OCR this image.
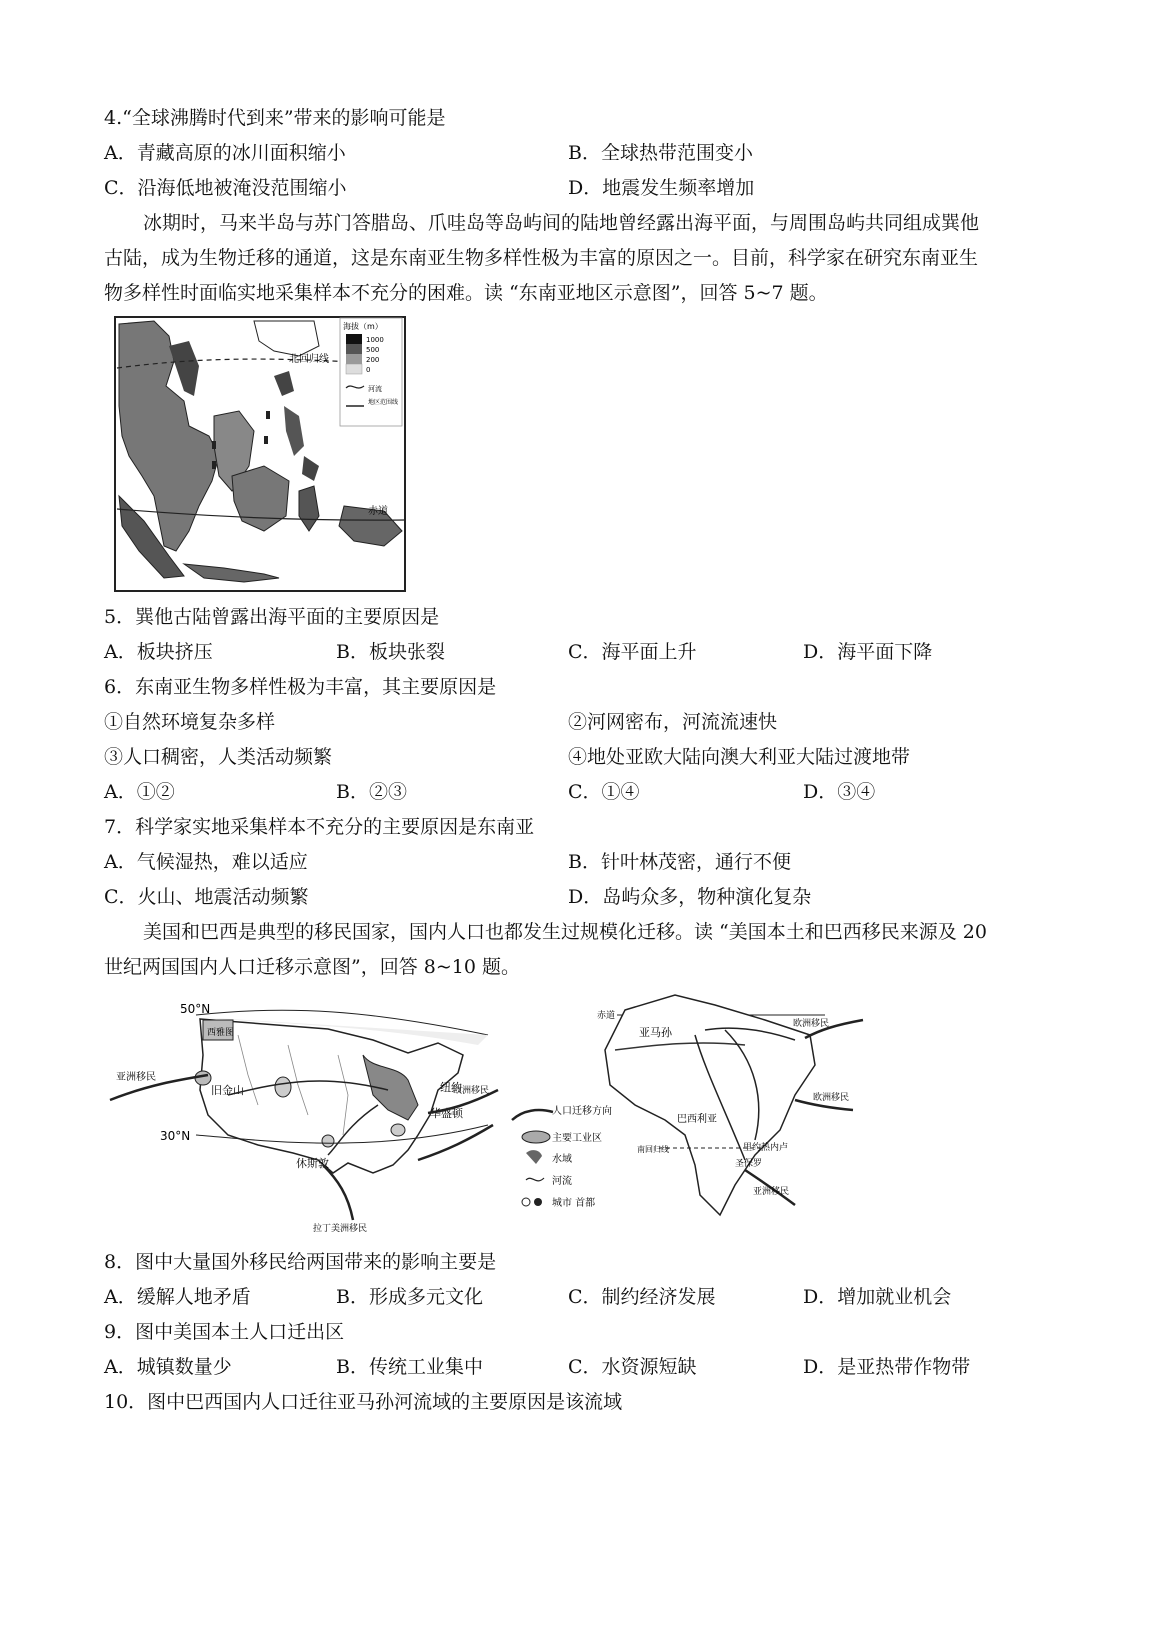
4.“全球沸腾时代到来”带来的影响可能是
A．青藏高原的冰川面积缩小	B．全球热带范围变小
C．沿海低地被淹没范围缩小	D．地震发生频率增加
冰期时，马来半岛与苏门答腊岛、爪哇岛等岛屿间的陆地曾经露出海平面，与周围岛屿共同组成巽他
古陆，成为生物迁移的通道，这是东南亚生物多样性极为丰富的原因之一。目前，科学家在研究东南亚生
物多样性时面临实地采集样本不充分的困难。读 “东南亚地区示意图”，回答 5~7 题。
北回归线
赤道
海拔（m）
1000
500
200
0
河流
地区范围线
5．巽他古陆曾露出海平面的主要原因是
A．板块挤压	B．板块张裂	C．海平面上升	D．海平面下降
6．东南亚生物多样性极为丰富，其主要原因是
①自然环境复杂多样	②河网密布，河流流速快
③人口稠密，人类活动频繁	④地处亚欧大陆向澳大利亚大陆过渡地带
A．①②	B．②③	C．①④	D．③④
7．科学家实地采集样本不充分的主要原因是东南亚
A．气候湿热，难以适应	B．针叶林茂密，通行不便
C．火山、地震活动频繁	D．岛屿众多，物种演化复杂
美国和巴西是典型的移民国家，国内人口也都发生过规模化迁移。读 “美国本土和巴西移民来源及 20
世纪两国国内人口迁移示意图”，回答 8~10 题。
50°N
西雅图
旧金山	纽约
华盛顿
休斯敦
30°N
亚洲移民
欧洲移民
拉丁美洲移民
人口迁移方向
主要工业区
水域
河流
城市 首都
赤道
亚马孙
巴西利亚
南回归线	里约热内卢
圣保罗
欧洲移民
欧洲移民
亚洲移民
8．图中大量国外移民给两国带来的影响主要是
A．缓解人地矛盾	B．形成多元文化	C．制约经济发展	D．增加就业机会
9．图中美国本土人口迁出区
A．城镇数量少	B．传统工业集中	C．水资源短缺	D．是亚热带作物带
10．图中巴西国内人口迁往亚马孙河流域的主要原因是该流域
